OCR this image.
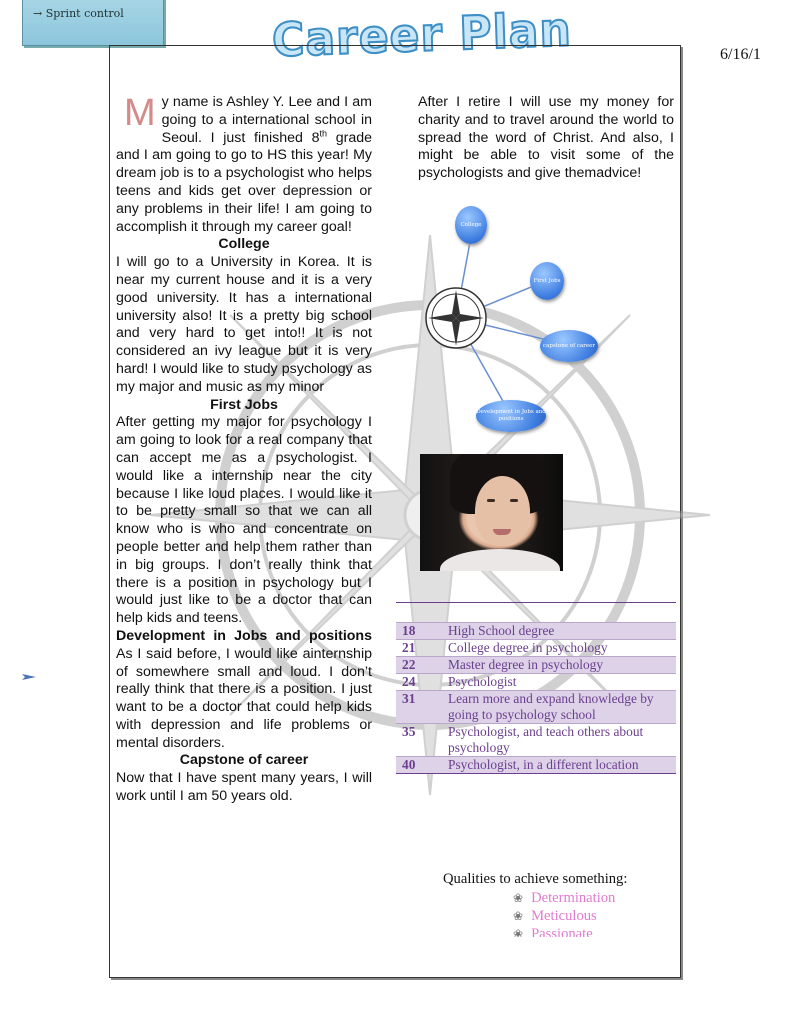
→ Sprint control	Career Plan	6/16/1

My name is Ashley Y. Lee and I am going to a international school in Seoul. I just finished 8th grade and I am going to go to HS this year! My dream job is to a psychologist who helps teens and kids get over depression or any problems in their life! I am going to accomplish it through my career goal!

College

I will go to a University in Korea. It is near my current house and it is a very good university. It has a international university also! It is a pretty big school and very hard to get into!! It is not considered an ivy league but it is very hard! I would like to study psychology as my major and music as my minor

First Jobs

After getting my major for psychology I am going to look for a real company that can accept me as a psychologist. I would like a internship near the city because I like loud places. I would like it to be pretty small so that we can all know who is who and concentrate on people better and help them rather than in big groups. I don’t really think that there is a position in psychology but I would just like to be a doctor that can help kids and teens.

Development in Jobs and positions

As I said before, I would like ainternship of somewhere small and loud. I don’t really think that there is a position. I just want to be a doctor that could help kids with depression and life problems or mental disorders.

Capstone of career

Now that I have spent many years, I will work until I am 50 years old.

After I retire I will use my money for charity and to travel around the world to spread the word of Christ. And also, I might be able to visit some of the psychologists and give themadvice!

College
First Jobs
capstone of career
Development in Jobs and positions
18	High School degree
21	College degree in psychology
22	Master degree in psychology
24	Psychologist
31	Learn more and expand knowledge by going to psychology school
35	Psychologist, and teach others about psychology
40	Psychologist, in a different location
Qualities to achieve something:
❀ Determination
❀ Meticulous
❀ Passionate
